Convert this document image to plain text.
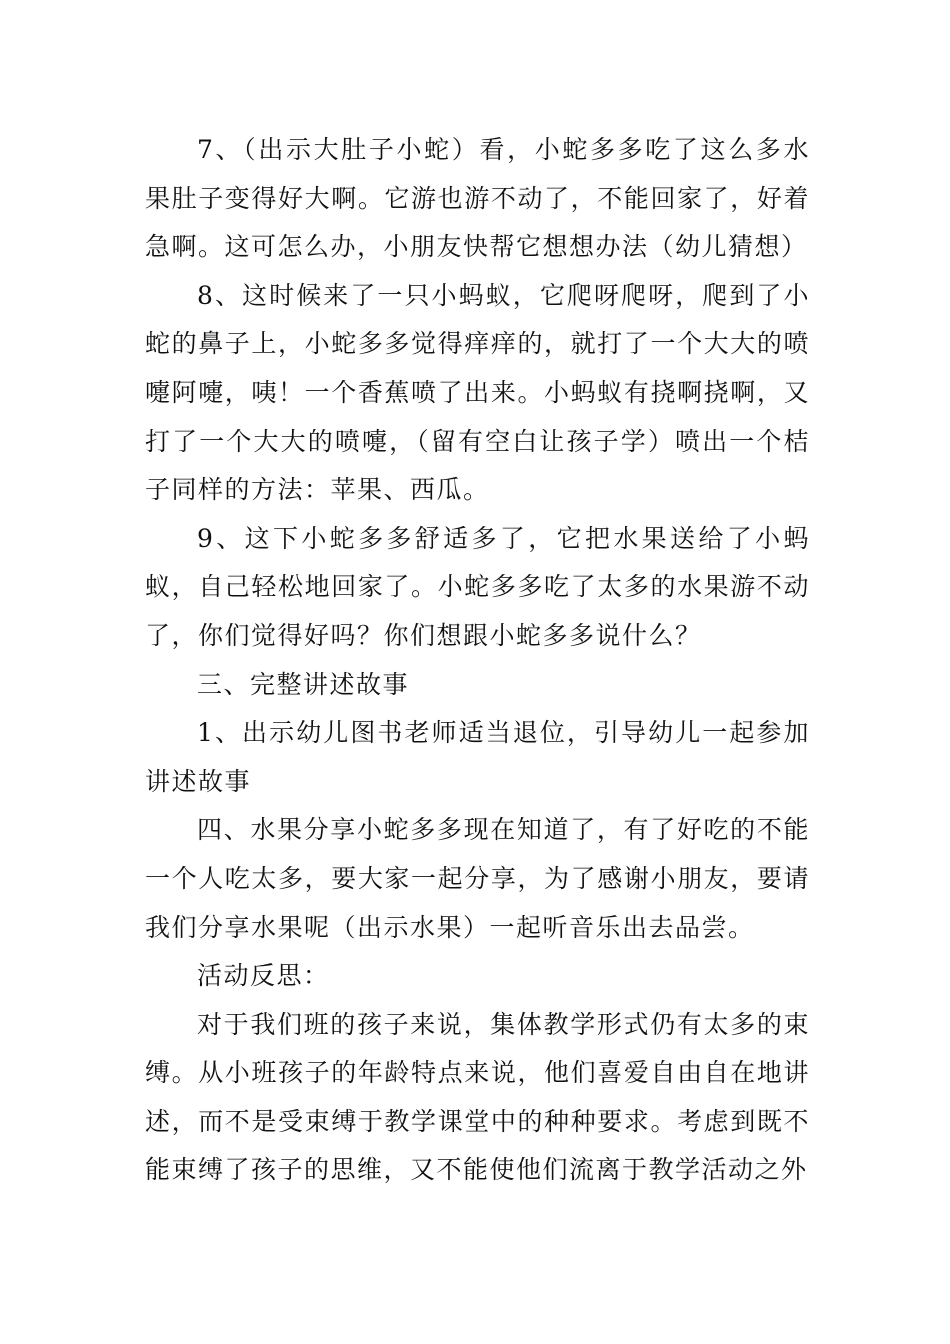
7、（出示大肚子小蛇）看，小蛇多多吃了这么多水果肚子变得好大啊。它游也游不动了，不能回家了，好着急啊。这可怎么办，小朋友快帮它想想办法（幼儿猜想）

8、这时候来了一只小蚂蚁，它爬呀爬呀，爬到了小蛇的鼻子上，小蛇多多觉得痒痒的，就打了一个大大的喷嚏阿嚏，咦！一个香蕉喷了出来。小蚂蚁有挠啊挠啊，又打了一个大大的喷嚏，（留有空白让孩子学）喷出一个桔子同样的方法：苹果、西瓜。

9、这下小蛇多多舒适多了，它把水果送给了小蚂蚁，自己轻松地回家了。小蛇多多吃了太多的水果游不动了，你们觉得好吗？你们想跟小蛇多多说什么？

三、完整讲述故事

1、出示幼儿图书老师适当退位，引导幼儿一起参加讲述故事

四、水果分享小蛇多多现在知道了，有了好吃的不能一个人吃太多，要大家一起分享，为了感谢小朋友，要请我们分享水果呢（出示水果）一起听音乐出去品尝。

活动反思：

对于我们班的孩子来说，集体教学形式仍有太多的束缚。从小班孩子的年龄特点来说，他们喜爱自由自在地讲述，而不是受束缚于教学课堂中的种种要求。考虑到既不能束缚了孩子的思维，又不能使他们流离于教学活动之外
